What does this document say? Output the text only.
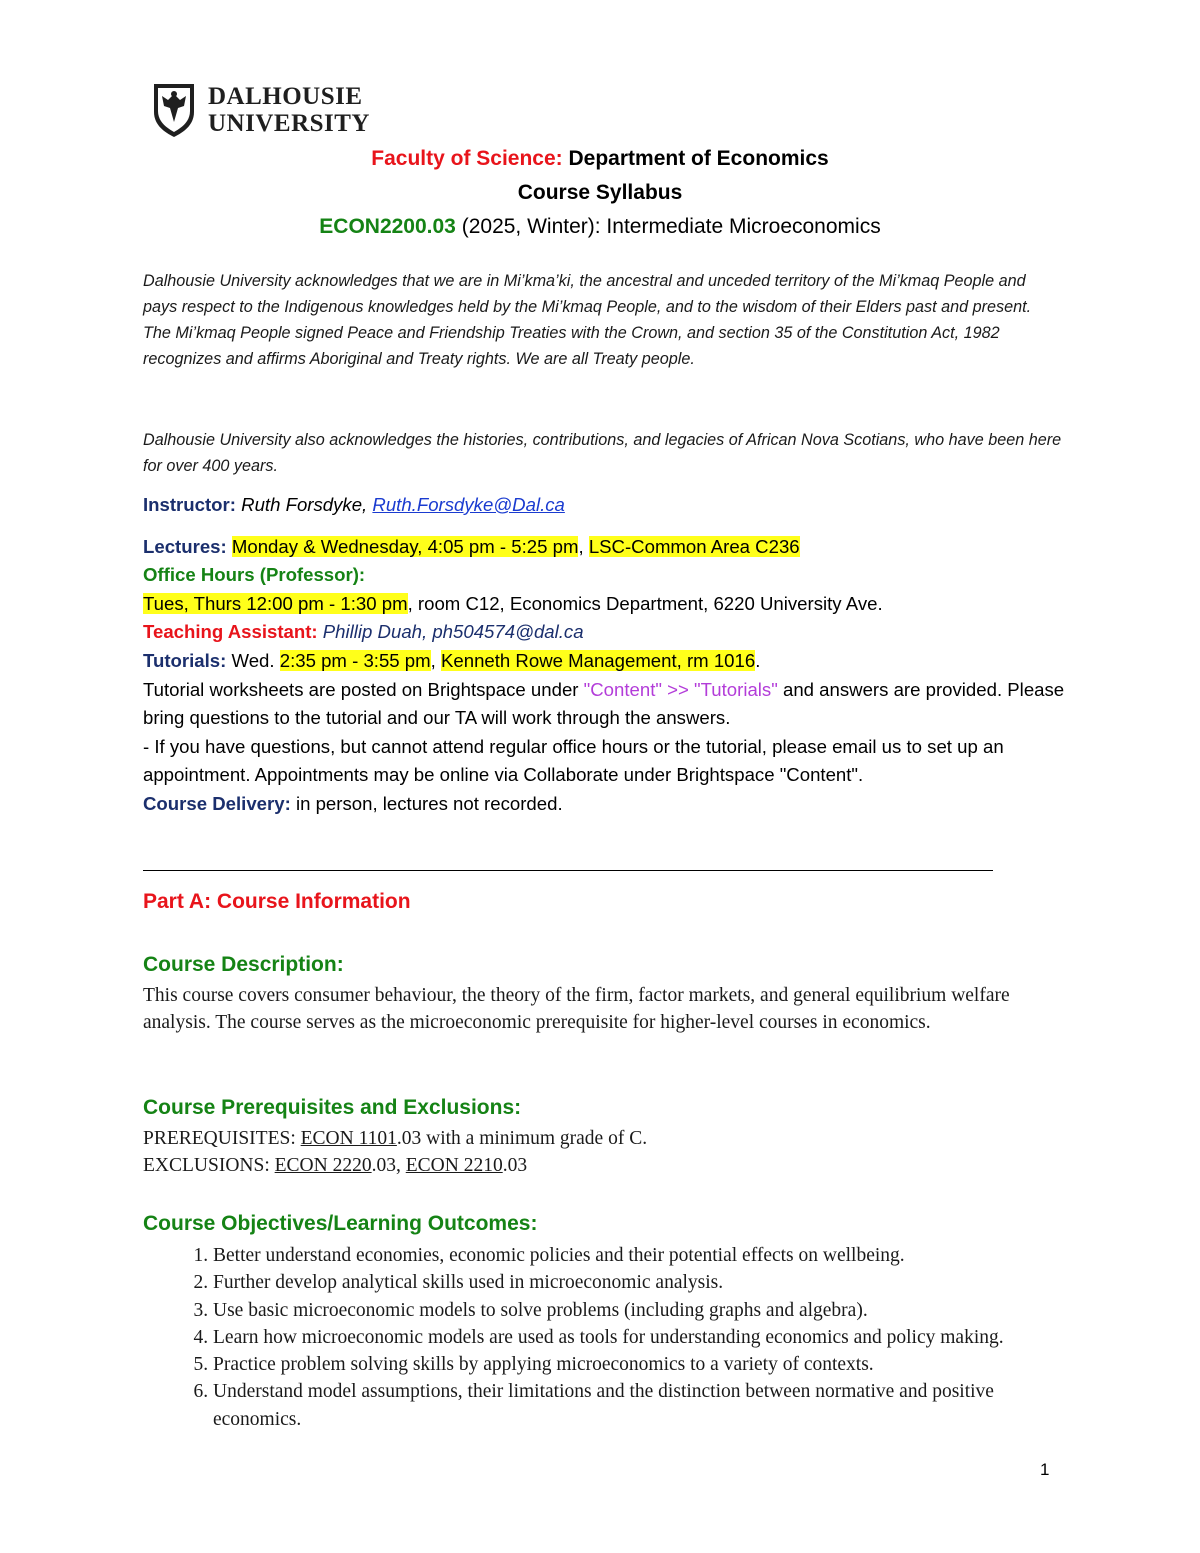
DALHOUSIE
UNIVERSITY
Faculty of Science: Department of Economics
Course Syllabus
ECON2200.03 (2025, Winter): Intermediate Microeconomics
Dalhousie University acknowledges that we are in Mi’kma’ki, the ancestral and unceded territory of the Mi’kmaq People and pays respect to the Indigenous knowledges held by the Mi’kmaq People, and to the wisdom of their Elders past and present. The Mi’kmaq People signed Peace and Friendship Treaties with the Crown, and section 35 of the Constitution Act, 1982 recognizes and affirms Aboriginal and Treaty rights. We are all Treaty people.
Dalhousie University also acknowledges the histories, contributions, and legacies of African Nova Scotians, who have been here for over 400 years.

Instructor: Ruth Forsdyke, Ruth.Forsdyke@Dal.ca

Lectures: Monday & Wednesday, 4:05 pm - 5:25 pm, LSC-Common Area C236

Office Hours (Professor):

Tues, Thurs 12:00 pm - 1:30 pm, room C12, Economics Department, 6220 University Ave.

Teaching Assistant: Phillip Duah, ph504574@dal.ca

Tutorials: Wed. 2:35 pm - 3:55 pm, Kenneth Rowe Management, rm 1016.

Tutorial worksheets are posted on Brightspace under "Content" >> "Tutorials" and answers are provided. Please bring questions to the tutorial and our TA will work through the answers.

- If you have questions, but cannot attend regular office hours or the tutorial, please email us to set up an appointment. Appointments may be online via Collaborate under Brightspace "Content".

Course Delivery: in person, lectures not recorded.

Part A: Course Information
Course Description:
This course covers consumer behaviour, the theory of the firm, factor markets, and general equilibrium welfare analysis. The course serves as the microeconomic prerequisite for higher-level courses in economics.
Course Prerequisites and Exclusions:
PREREQUISITES: ECON 1101.03 with a minimum grade of C.
EXCLUSIONS: ECON 2220.03, ECON 2210.03
Course Objectives/Learning Outcomes:
1. Better understand economies, economic policies and their potential effects on wellbeing.
2. Further develop analytical skills used in microeconomic analysis.
3. Use basic microeconomic models to solve problems (including graphs and algebra).
4. Learn how microeconomic models are used as tools for understanding economics and policy making.
5. Practice problem solving skills by applying microeconomics to a variety of contexts.
6. Understand model assumptions, their limitations and the distinction between normative and positive economics.
1
